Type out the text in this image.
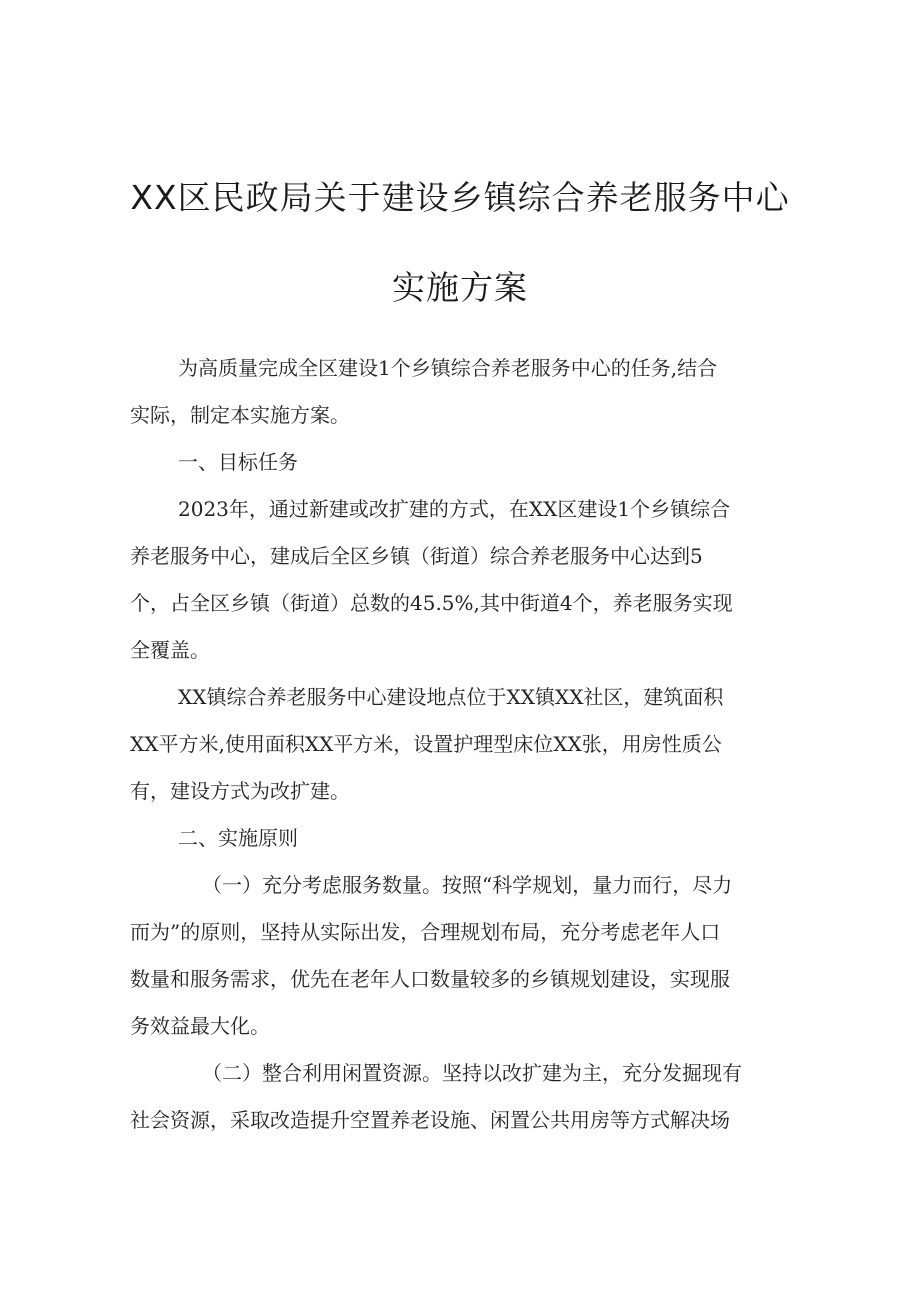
XX区民政局关于建设乡镇综合养老服务中心
实施方案
为高质量完成全区建设1个乡镇综合养老服务中心的任务,结合
实际，制定本实施方案。
一、目标任务
2023年，通过新建或改扩建的方式，在XX区建设1个乡镇综合
养老服务中心，建成后全区乡镇（街道）综合养老服务中心达到5
个，占全区乡镇（街道）总数的45.5%,其中街道4个，养老服务实现
全覆盖。
XX镇综合养老服务中心建设地点位于XX镇XX社区，建筑面积
XX平方米,使用面积XX平方米，设置护理型床位XX张，用房性质公
有，建设方式为改扩建。
二、实施原则
（一）充分考虑服务数量。按照“科学规划，量力而行，尽力
而为”的原则，坚持从实际出发，合理规划布局，充分考虑老年人口
数量和服务需求，优先在老年人口数量较多的乡镇规划建设，实现服
务效益最大化。
（二）整合利用闲置资源。坚持以改扩建为主，充分发掘现有
社会资源，采取改造提升空置养老设施、闲置公共用房等方式解决场
